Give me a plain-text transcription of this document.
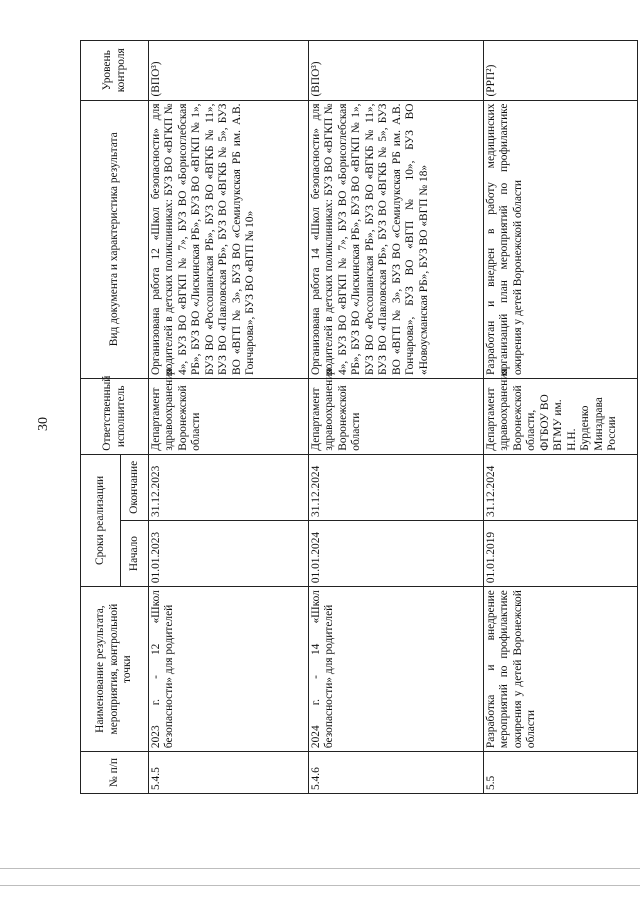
30
№ п/п	Наименование результата, мероприятия, контрольной точки	Сроки реализации		Ответственный исполнитель	Вид документа и характеристика результата	Уровень контроля
		Начало	Окончание			
5.4.5	2023 г. - 12 «Школ безопасности» для родителей	01.01.2023	31.12.2023	Департамент здравоохранения Воронежской области	Организована работа 12 «Школ безопасности» для родителей в детских поликлиниках: БУЗ ВО «ВГКП № 4», БУЗ ВО «ВГКП № 7», БУЗ ВО «Борисоглебская РБ», БУЗ ВО «Лискинская РБ», БУЗ ВО «ВГКП № 1», БУЗ ВО «Россошанская РБ», БУЗ ВО «ВГКБ № 11», БУЗ ВО «Павловская РБ», БУЗ ВО «ВГКБ № 5», БУЗ ВО «ВГП № 3», БУЗ ВО «Семилукская РБ им. А.В. Гончарова», БУЗ ВО «ВГП № 10»	(ВПО³)
5.4.6	2024 г. - 14 «Школ безопасности» для родителей	01.01.2024	31.12.2024	Департамент здравоохранения Воронежской области	Организована работа 14 «Школ безопасности» для родителей в детских поликлиниках: БУЗ ВО «ВГКП № 4», БУЗ ВО «ВГКП № 7», БУЗ ВО «Борисоглебская РБ», БУЗ ВО «Лискинская РБ», БУЗ ВО «ВГКП № 1», БУЗ ВО «Россошанская РБ», БУЗ ВО «ВГКБ № 11», БУЗ ВО «Павловская РБ», БУЗ ВО «ВГКБ № 5», БУЗ ВО «ВГП № 3», БУЗ ВО «Семилукская РБ им. А.В. Гончарова», БУЗ ВО «ВГП № 10», БУЗ ВО «Новоусманская РБ», БУЗ ВО «ВГП № 18»	(ВПО³)
5.5	Разработка и внедрение мероприятий по профилактике ожирения у детей Воронежской области	01.01.2019	31.12.2024	Департамент здравоохранения Воронежской области, ФГБОУ ВО ВГМУ им. Н.Н. Бурденко Минздрава России	Разработан и внедрен в работу медицинских организаций план мероприятий по профилактике ожирения у детей Воронежской области	(РРП²)
